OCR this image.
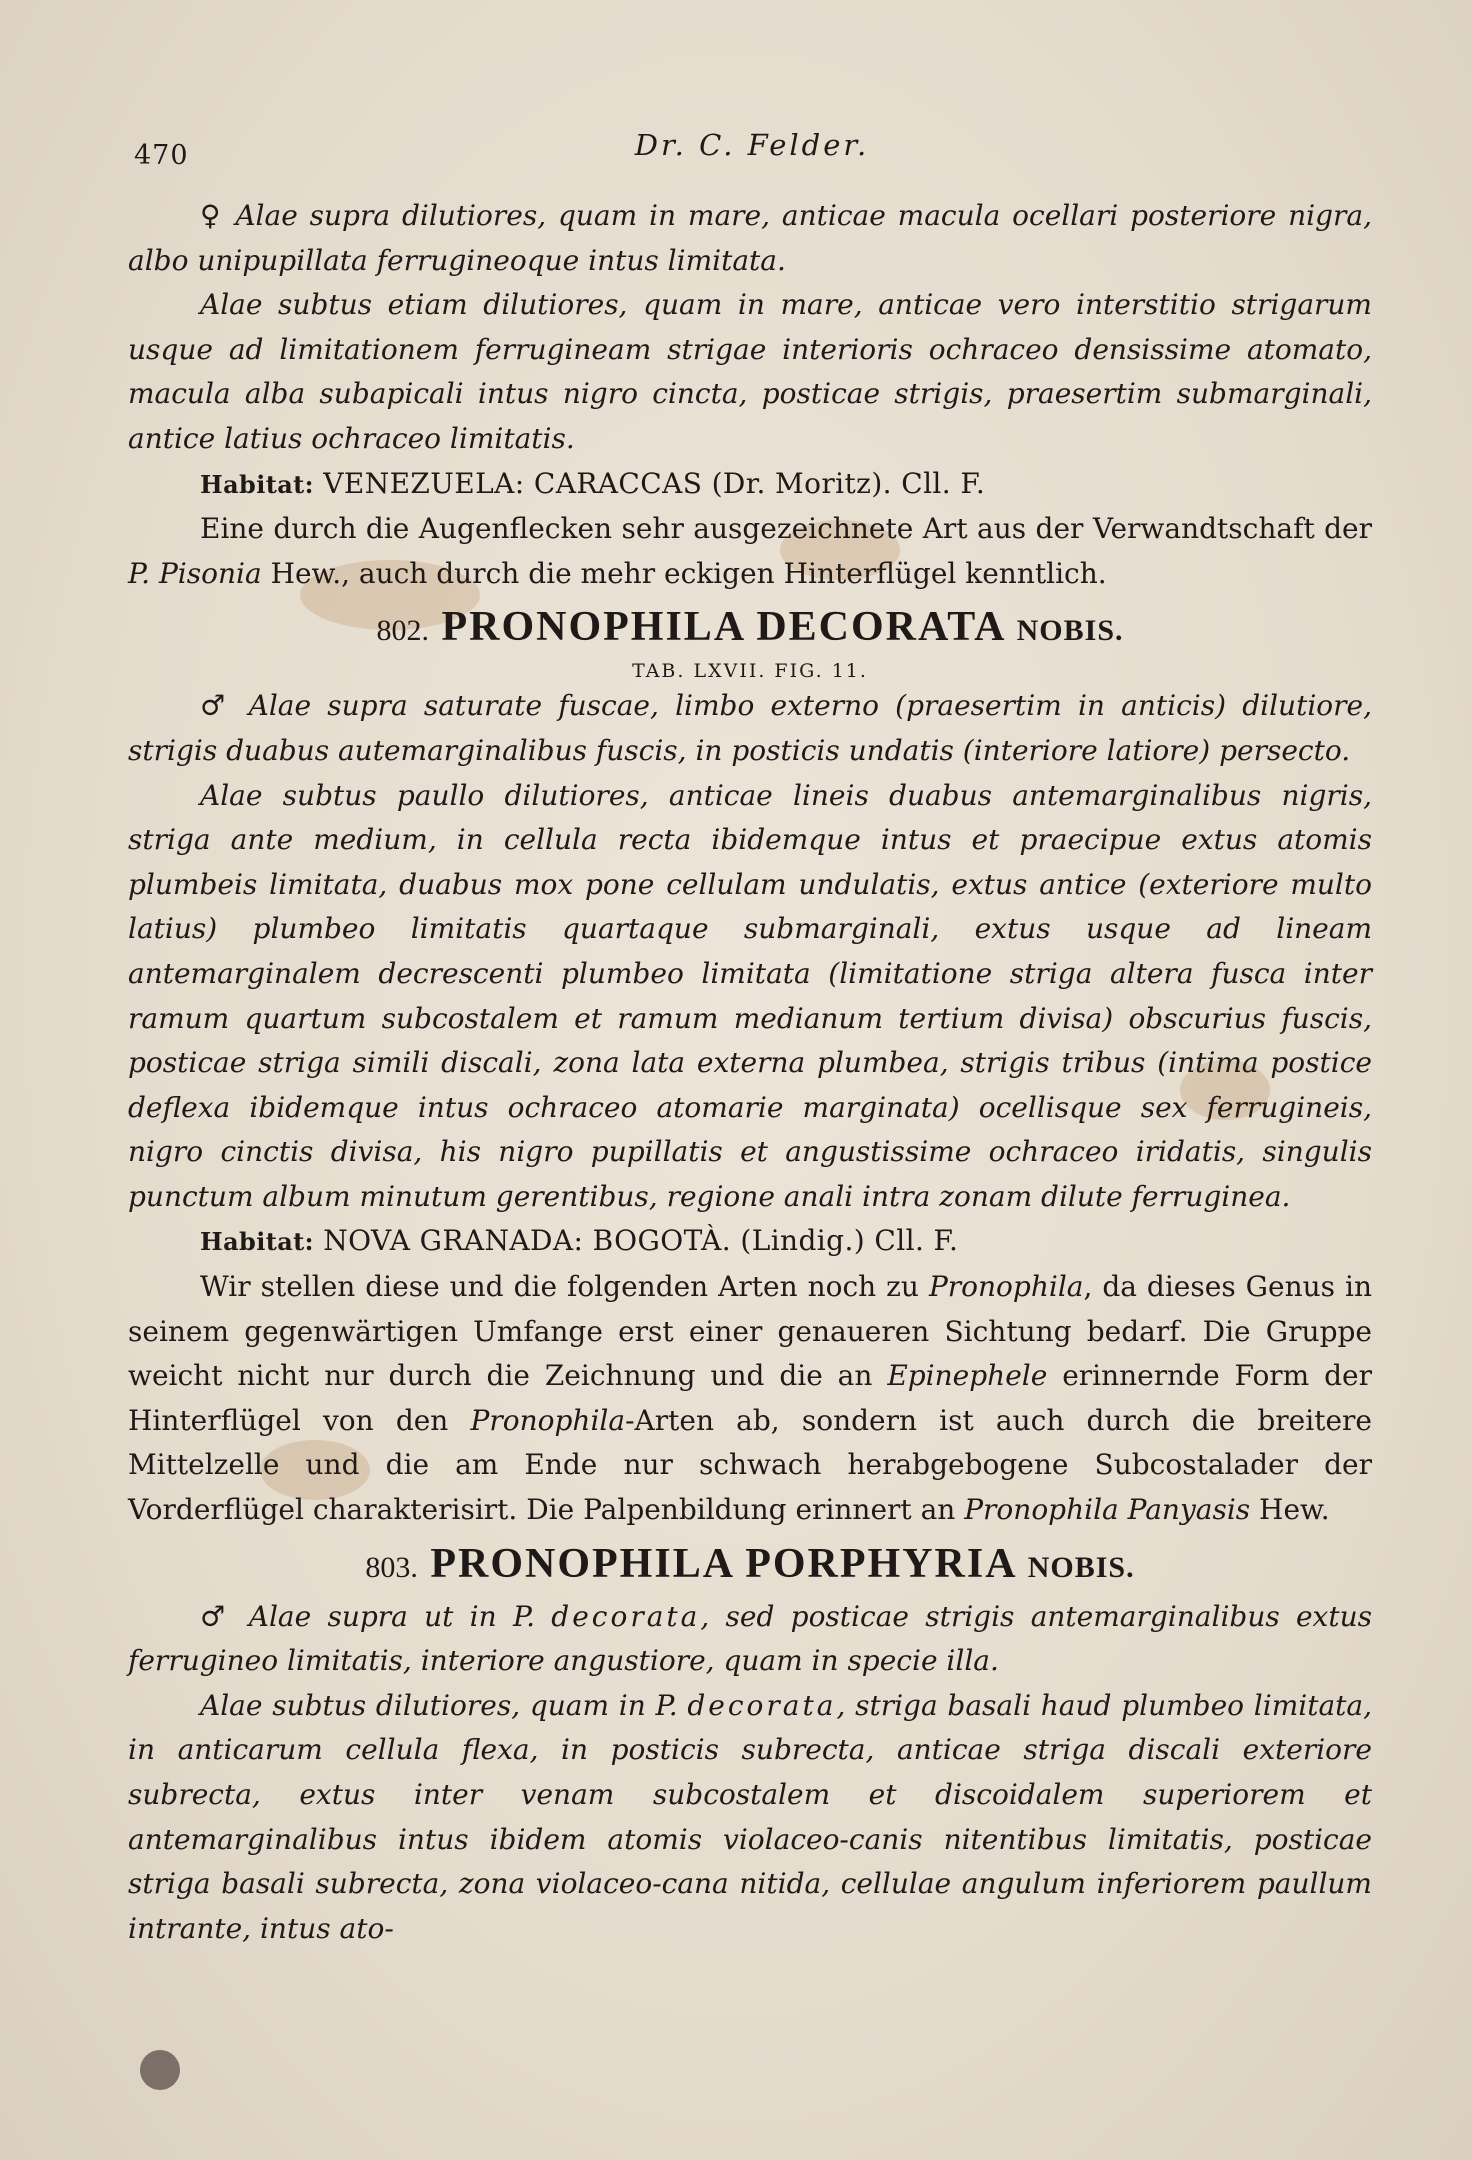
470	Dr. C. Felder.

♀ Alae supra dilutiores, quam in mare, anticae macula ocellari posteriore nigra, albo unipupillata ferrugineoque intus limitata.

Alae subtus etiam dilutiores, quam in mare, anticae vero interstitio strigarum usque ad limitationem ferrugineam strigae interioris ochraceo densissime atomato, macula alba subapicali intus nigro cincta, posticae strigis, praesertim submarginali, antice latius ochraceo limitatis.

Habitat: VENEZUELA: CARACCAS (Dr. Moritz). Cll. F.

Eine durch die Augenflecken sehr ausgezeichnete Art aus der Verwandtschaft der P. Pisonia Hew., auch durch die mehr eckigen Hinterflügel kenntlich.

802. PRONOPHILA DECORATA NOBIS.

TAB. LXVII. FIG. 11.

♂ Alae supra saturate fuscae, limbo externo (praesertim in anticis) dilutiore, strigis duabus autemarginalibus fuscis, in posticis undatis (interiore latiore) persecto.

Alae subtus paullo dilutiores, anticae lineis duabus antemarginalibus nigris, striga ante medium, in cellula recta ibidemque intus et praecipue extus atomis plumbeis limitata, duabus mox pone cellulam undulatis, extus antice (exteriore multo latius) plumbeo limitatis quartaque submarginali, extus usque ad lineam antemarginalem decrescenti plumbeo limitata (limitatione striga altera fusca inter ramum quartum subcostalem et ramum medianum tertium divisa) obscurius fuscis, posticae striga simili discali, zona lata externa plumbea, strigis tribus (intima postice deflexa ibidemque intus ochraceo atomarie marginata) ocellisque sex ferrugineis, nigro cinctis divisa, his nigro pupillatis et angustissime ochraceo iridatis, singulis punctum album minutum gerentibus, regione anali intra zonam dilute ferruginea.

Habitat: NOVA GRANADA: BOGOTÀ. (Lindig.) Cll. F.

Wir stellen diese und die folgenden Arten noch zu Pronophila, da dieses Genus in seinem gegenwärtigen Umfange erst einer genaueren Sichtung bedarf. Die Gruppe weicht nicht nur durch die Zeichnung und die an Epinephele erinnernde Form der Hinterflügel von den Pronophila-Arten ab, sondern ist auch durch die breitere Mittelzelle und die am Ende nur schwach herabgebogene Subcostalader der Vorderflügel charakterisirt. Die Palpenbildung erinnert an Pronophila Panyasis Hew.

803. PRONOPHILA PORPHYRIA NOBIS.

♂ Alae supra ut in P. decorata, sed posticae strigis antemarginalibus extus ferrugineo limitatis, interiore angustiore, quam in specie illa.

Alae subtus dilutiores, quam in P. decorata, striga basali haud plumbeo limitata, in anticarum cellula flexa, in posticis subrecta, anticae striga discali exteriore subrecta, extus inter venam subcostalem et discoidalem superiorem et antemarginalibus intus ibidem atomis violaceo-canis nitentibus limitatis, posticae striga basali subrecta, zona violaceo-cana nitida, cellulae angulum inferiorem paullum intrante, intus ato-
